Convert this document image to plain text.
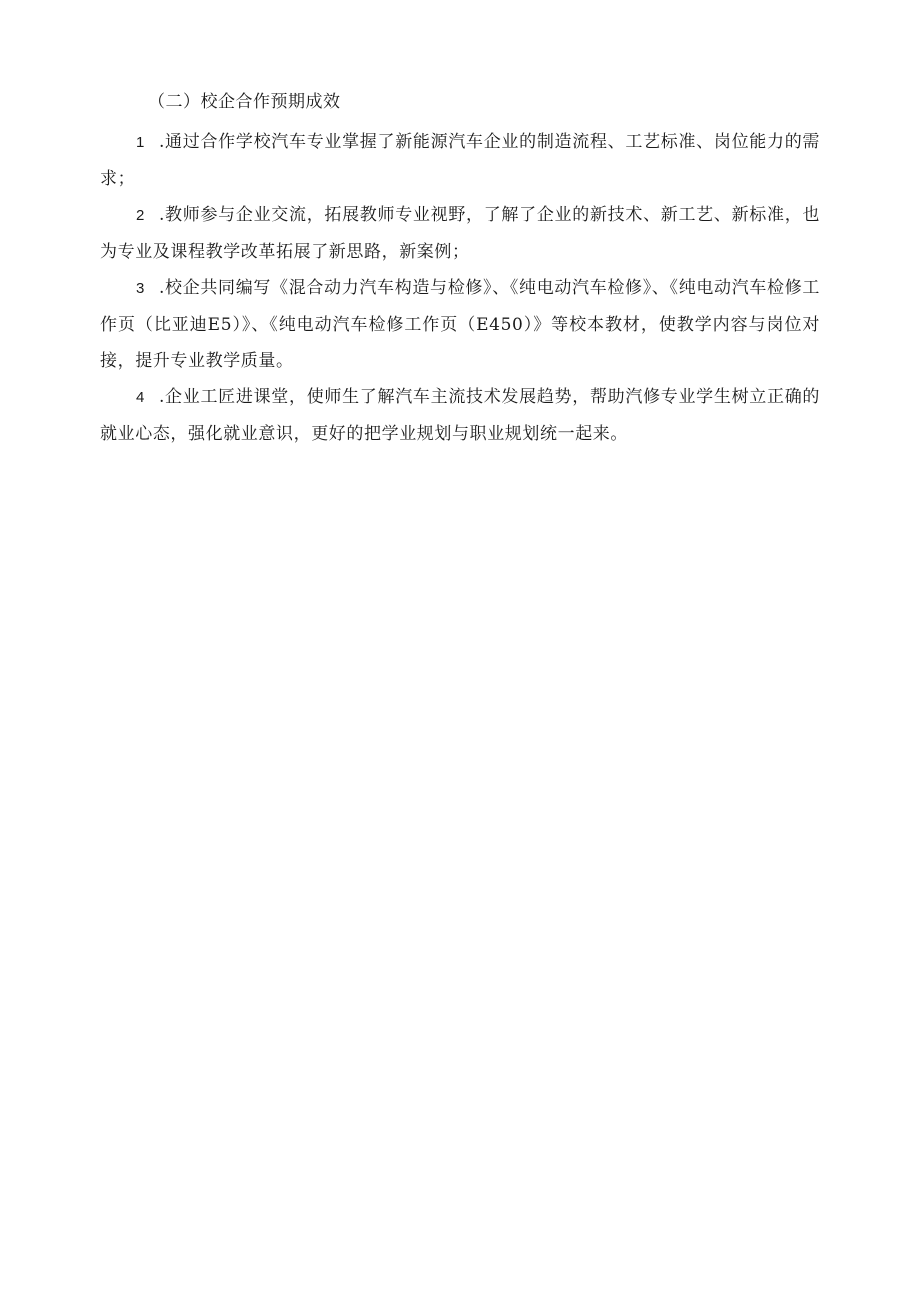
（二）校企合作预期成效

1 .通过合作学校汽车专业掌握了新能源汽车企业的制造流程、工艺标准、岗位能力的需求；

2 .教师参与企业交流，拓展教师专业视野，了解了企业的新技术、新工艺、新标准，也为专业及课程教学改革拓展了新思路，新案例；

3 .校企共同编写《混合动力汽车构造与检修》、《纯电动汽车检修》、《纯电动汽车检修工作页（比亚迪E5）》、《纯电动汽车检修工作页（E450）》等校本教材，使教学内容与岗位对接，提升专业教学质量。

4 .企业工匠进课堂，使师生了解汽车主流技术发展趋势，帮助汽修专业学生树立正确的就业心态，强化就业意识，更好的把学业规划与职业规划统一起来。
